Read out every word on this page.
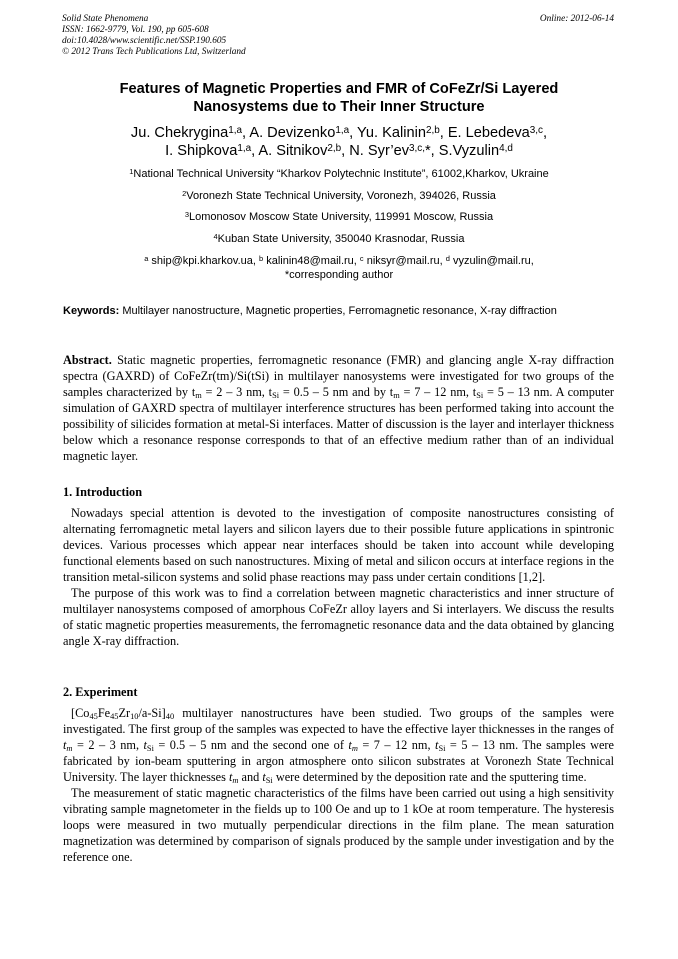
Solid State Phenomena
ISSN: 1662-9779, Vol. 190, pp 605-608
doi:10.4028/www.scientific.net/SSP.190.605
© 2012 Trans Tech Publications Ltd, Switzerland
Online: 2012-06-14
Features of Magnetic Properties and FMR of CoFeZr/Si Layered
Nanosystems due to Their Inner Structure
Ju. Chekrygina$^{1,a}$, A. Devizenko$^{1,a}$, Yu. Kalinin$^{2,b}$, E. Lebedeva$^{3,c}$,
I. Shipkova$^{1,a}$, A. Sitnikov$^{2,b}$, N. $Syr’ev^{3,c,}*$, S.Vyzulin$^{4,d}$
$^1$National Technical University “Kharkov Polytechnic Institute”, 61002,Kharkov, Ukraine
$^2$Voronezh State Technical University, Voronezh, 394026, Russia
$^3$Lomonosov Moscow State University, 119991 Moscow, Russia
$^4$Kuban State University, 350040 Krasnodar, Russia
$^a$ ship@kpi.kharkov.ua, $^b$ kalinin48@mail.ru, $^c$ niksyr@mail.ru, $^d$ vyzulin@mail.ru,
*corresponding author
Keywords: Multilayer nanostructure, Magnetic properties, Ferromagnetic resonance, X-ray diffraction

Abstract. Static magnetic properties, ferromagnetic resonance (FMR) and glancing angle X-ray diffraction spectra (GAXRD) of CoFeZr(tm)/Si(tSi) in multilayer nanosystems were investigated for two groups of the samples characterized by $t_m = 2 - 3$ nm, $t_{Si} = 0.5 - 5$ nm and by $t_m = 7 - 12$ nm, $t_{Si} = 5 - 13$ nm. A computer simulation of GAXRD spectra of multilayer interference structures has been performed taking into account the possibility of silicides formation at metal-Si interfaces. Matter of discussion is the layer and interlayer thickness below which a resonance response corresponds to that of an effective medium rather than of an individual magnetic layer.

1. Introduction

Nowadays special attention is devoted to the investigation of composite nanostructures consisting of alternating ferromagnetic metal layers and silicon layers due to their possible future applications in spintronic devices. Various processes which appear near interfaces should be taken into account while developing functional elements based on such nanostructures. Mixing of metal and silicon occurs at interface regions in the transition metal-silicon systems and solid phase reactions may pass under certain conditions [1,2].

The purpose of this work was to find a correlation between magnetic characteristics and inner structure of multilayer nanosystems composed of amorphous CoFeZr alloy layers and Si interlayers. We discuss the results of static magnetic properties measurements, the ferromagnetic resonance data and the data obtained by glancing angle X-ray diffraction.

2. Experiment

$[Co_{45}Fe_{45}Zr_{10}/a-Si]_{40}$ multilayer nanostructures have been studied. Two groups of the samples were investigated. The first group of the samples was expected to have the effective layer thicknesses in the ranges of $t_m = 2 - 3$ nm, $t_{Si} = 0.5 - 5$ nm and the second one of $t_m = 7 - 12$ nm, $t_{Si} = 5 - 13$ nm. The samples were fabricated by ion-beam sputtering in argon atmosphere onto silicon substrates at Voronezh State Technical University. The layer thicknesses $t_m$ and $t_{Si}$ were determined by the deposition rate and the sputtering time.

The measurement of static magnetic characteristics of the films have been carried out using a high sensitivity vibrating sample magnetometer in the fields up to 100 Oe and up to 1 kOe at room temperature. The hysteresis loops were measured in two mutually perpendicular directions in the film plane. The mean saturation magnetization was determined by comparison of signals produced by the sample under investigation and by the reference one.
